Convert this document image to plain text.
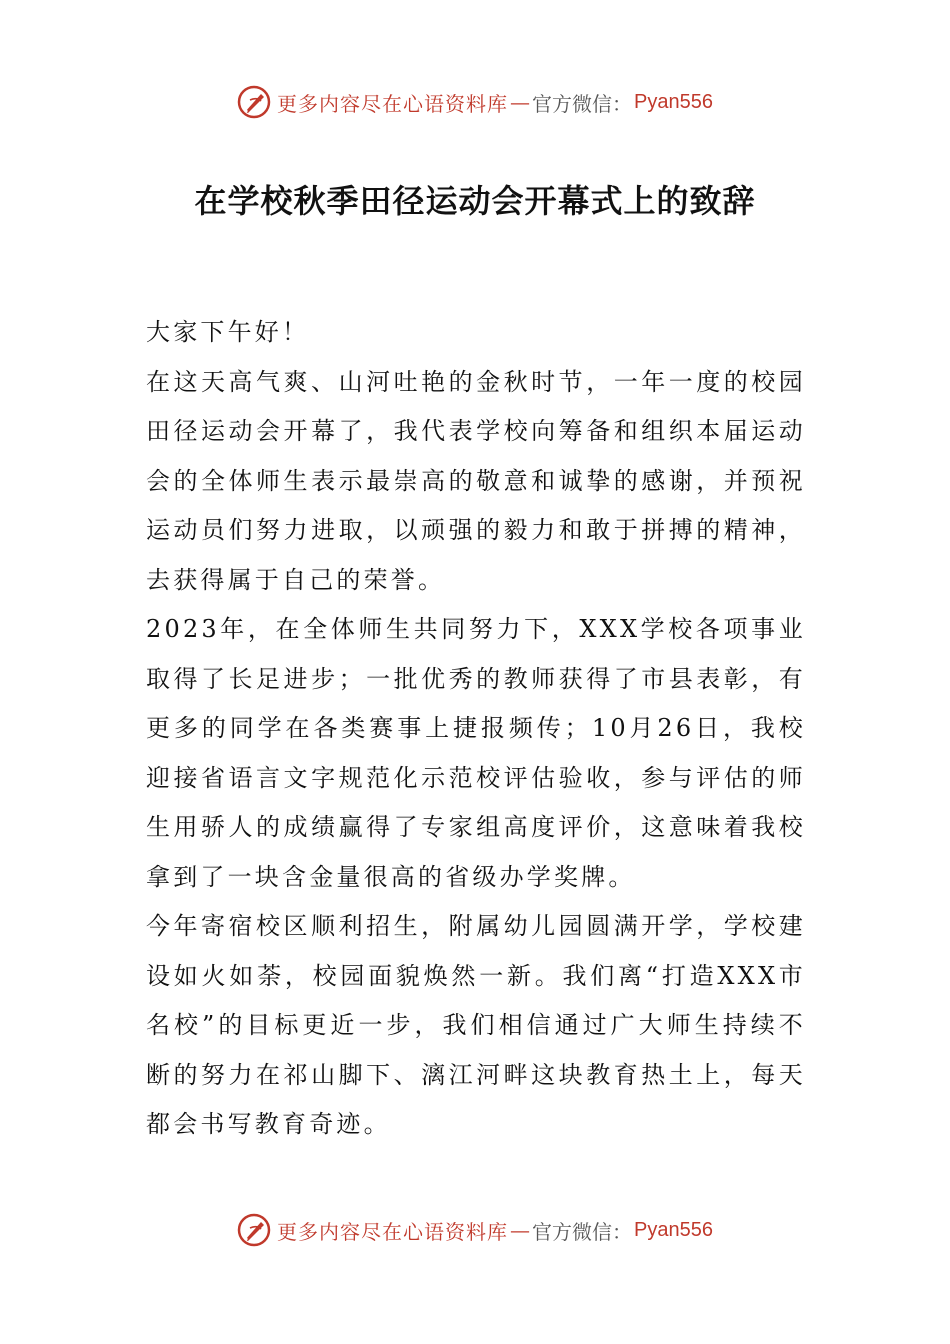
更多内容尽在心语资料库 — 官方微信： Pyan556
在学校秋季田径运动会开幕式上的致辞

大家下午好！

在这天高气爽、山河吐艳的金秋时节，一年一度的校园田径运动会开幕了，我代表学校向筹备和组织本届运动会的全体师生表示最崇高的敬意和诚挚的感谢，并预祝运动员们努力进取，以顽强的毅力和敢于拼搏的精神，去获得属于自己的荣誉。

2023年，在全体师生共同努力下，XXX学校各项事业取得了长足进步；一批优秀的教师获得了市县表彰，有更多的同学在各类赛事上捷报频传；10月26日，我校迎接省语言文字规范化示范校评估验收，参与评估的师生用骄人的成绩赢得了专家组高度评价，这意味着我校拿到了一块含金量很高的省级办学奖牌。

今年寄宿校区顺利招生，附属幼儿园圆满开学，学校建设如火如荼，校园面貌焕然一新。我们离“打造XXX市名校”的目标更近一步，我们相信通过广大师生持续不断的努力在祁山脚下、漓江河畔这块教育热土上，每天都会书写教育奇迹。

更多内容尽在心语资料库 — 官方微信： Pyan556
